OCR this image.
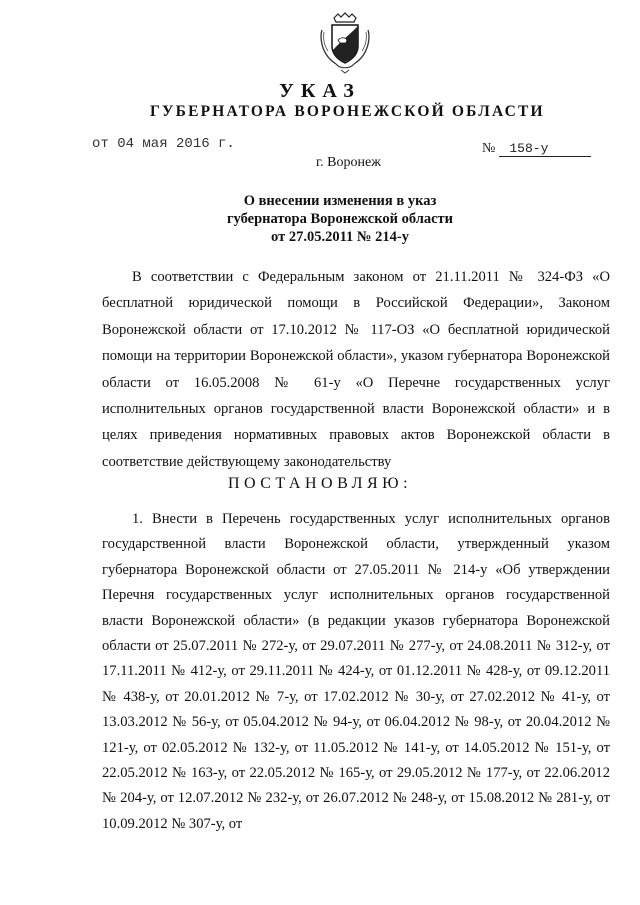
УКАЗ
ГУБЕРНАТОРА ВОРОНЕЖСКОЙ ОБЛАСТИ
от 04 мая 2016 г.	№ 158-у
г. Воронеж
О внесении изменения в указ
губернатора Воронежской области
от 27.05.2011 № 214-у

В соответствии с Федеральным законом от 21.11.2011 № 324-ФЗ «О бесплатной юридической помощи в Российской Федерации», Законом Воронежской области от 17.10.2012 № 117-ОЗ «О бесплатной юридической помощи на территории Воронежской области», указом губернатора Воронежской области от 16.05.2008 № 61-у «О Перечне государственных услуг исполнительных органов государственной власти Воронежской области» и в целях приведения нормативных правовых актов Воронежской области в соответствие действующему законодательству

ПОСТАНОВЛЯЮ:

1. Внести в Перечень государственных услуг исполнительных органов государственной власти Воронежской области, утвержденный указом губернатора Воронежской области от 27.05.2011 № 214-у «Об утверждении Перечня государственных услуг исполнительных органов государственной власти Воронежской области» (в редакции указов губернатора Воронежской области от 25.07.2011 № 272-у, от 29.07.2011 № 277-у, от 24.08.2011 № 312-у, от 17.11.2011 № 412-у, от 29.11.2011 № 424-у, от 01.12.2011 № 428-у, от 09.12.2011 № 438-у, от 20.01.2012 № 7-у, от 17.02.2012 № 30-у, от 27.02.2012 № 41-у, от 13.03.2012 № 56-у, от 05.04.2012 № 94-у, от 06.04.2012 № 98-у, от 20.04.2012 № 121-у, от 02.05.2012 № 132-у, от 11.05.2012 № 141-у, от 14.05.2012 № 151-у, от 22.05.2012 № 163-у, от 22.05.2012 № 165-у, от 29.05.2012 № 177-у, от 22.06.2012 № 204-у, от 12.07.2012 № 232-у, от 26.07.2012 № 248-у, от 15.08.2012 № 281-у, от 10.09.2012 № 307-у, от
